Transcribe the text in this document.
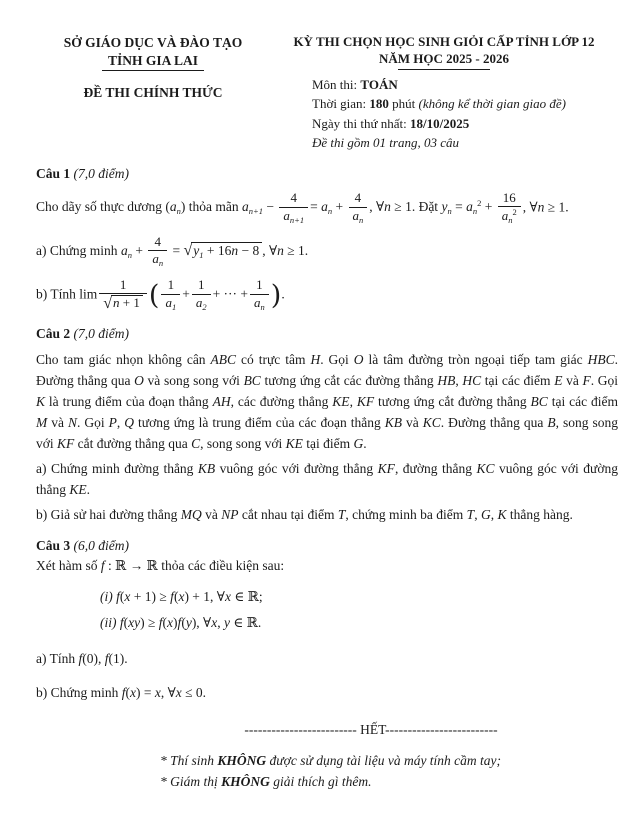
SỞ GIÁO DỤC VÀ ĐÀO TẠO
TỈNH GIA LAI
ĐỀ THI CHÍNH THỨC
KỲ THI CHỌN HỌC SINH GIỎI CẤP TỈNH LỚP 12
NĂM HỌC 2025 - 2026
Môn thi: TOÁN
Thời gian: 180 phút (không kể thời gian giao đề)
Ngày thi thứ nhất: 18/10/2025
Đề thi gồm 01 trang, 03 câu

Câu 1 (7,0 điểm)

Cho dãy số thực dương $(a_n)$ thỏa mãn $a_{n+1} - \frac{4}{a_{n+1}} = a_n + \frac{4}{a_n}$ , ∀n ≥ 1. Đặt $y_n = a_n^2 + \frac{16}{a_n^2}$ , ∀n ≥ 1.

a) Chứng minh $a_n + \frac{4}{a_n} = √y_1 + 16n - 8$ , ∀n ≥ 1.

b) Tính $\lim \frac{1}{√n + 1}$ ( $\frac{1}{a_1} + \frac{1}{a_2}$ + ··· + $\frac{1}{a_n}$ ).

Câu 2 (7,0 điểm)

Cho tam giác nhọn không cân ABC có trực tâm H. Gọi O là tâm đường tròn ngoại tiếp tam giác HBC. Đường thẳng qua O và song song với BC tương ứng cắt các đường thẳng HB, HC tại các điểm E và F. Gọi K là trung điểm của đoạn thẳng AH, các đường thẳng KE, KF tương ứng cắt đường thẳng BC tại các điểm M và N. Gọi P, Q tương ứng là trung điểm của các đoạn thẳng KB và KC. Đường thẳng qua B, song song với KF cắt đường thẳng qua C, song song với KE tại điểm G.

a) Chứng minh đường thẳng KB vuông góc với đường thẳng KF, đường thẳng KC vuông góc với đường thẳng KE.

b) Giả sử hai đường thẳng MQ và NP cắt nhau tại điểm T, chứng minh ba điểm T, G, K thẳng hàng.

Câu 3 (6,0 điểm)

Xét hàm số f : ℝ → ℝ thỏa các điều kiện sau:

(i) f(x + 1) ≥ f(x) + 1, ∀x ∈ ℝ;

(ii) f(xy) ≥ f(x)f(y), ∀x, y ∈ ℝ.

a) Tính f(0), f(1).

b) Chứng minh f(x) = x, ∀x ≤ 0.

------------------------- HẾT-------------------------

* Thí sinh KHÔNG được sử dụng tài liệu và máy tính cầm tay;
* Giám thị KHÔNG giải thích gì thêm.
